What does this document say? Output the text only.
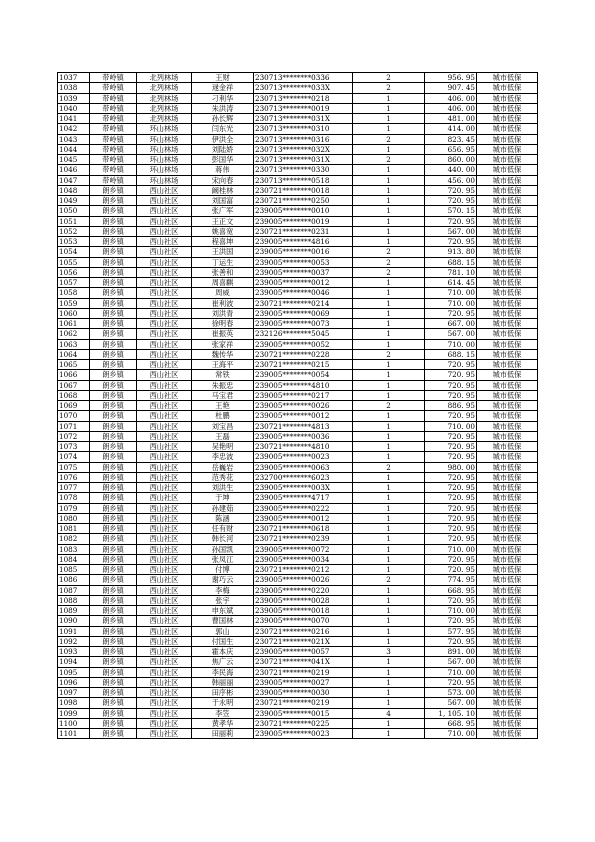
1037	带岭镇	北列林场	王财	230713********0336	2	956. 95	城市低保
1038	带岭镇	北列林场	逯金祥	230713********033X	2	907. 45	城市低保
1039	带岭镇	北列林场	刁利华	230713********0218	1	406. 00	城市低保
1040	带岭镇	北列林场	朱洪涛	230713********0019	1	406. 00	城市低保
1041	带岭镇	北列林场	孙长辉	230713********031X	1	481. 00	城市低保
1042	带岭镇	环山林场	闫东光	230713********0310	1	414. 00	城市低保
1043	带岭镇	环山林场	伊洪全	230713********0316	2	823. 45	城市低保
1044	带岭镇	环山林场	刘陆娇	230713********032X	1	656. 95	城市低保
1045	带岭镇	环山林场	彭国华	230713********031X	2	860. 00	城市低保
1046	带岭镇	环山林场	蒋伟	230713********0330	1	440. 00	城市低保
1047	带岭镇	环山林场	宋向春	230713********0518	1	456. 00	城市低保
1048	朗乡镇	西山社区	阚桂林	230721********0018	1	720. 95	城市低保
1049	朗乡镇	西山社区	刘国富	230721********0250	1	720. 95	城市低保
1050	朗乡镇	西山社区	张广军	239005********0010	1	570. 15	城市低保
1051	朗乡镇	西山社区	王正文	239005********0019	1	720. 95	城市低保
1052	朗乡镇	西山社区	姚喜宽	230721********0231	1	567. 00	城市低保
1053	朗乡镇	西山社区	程喜坤	239005********4816	1	720. 95	城市低保
1054	朗乡镇	西山社区	王洪国	239005********0016	2	913. 80	城市低保
1055	朗乡镇	西山社区	丁运生	239005********0053	2	688. 15	城市低保
1056	朗乡镇	西山社区	张善和	239005********0037	2	781. 10	城市低保
1057	朗乡镇	西山社区	周喜麒	239005********0012	1	614. 45	城市低保
1058	朗乡镇	西山社区	周威	239005********0046	1	710. 00	城市低保
1059	朗乡镇	西山社区	崔利波	230721********0214	1	710. 00	城市低保
1060	朗乡镇	西山社区	刘洪青	239005********0069	1	720. 95	城市低保
1061	朗乡镇	西山社区	徐明春	239005********0073	1	667. 00	城市低保
1062	朗乡镇	西山社区	崔振英	232126********5045	1	567. 00	城市低保
1063	朗乡镇	西山社区	张家祥	239005********0052	1	710. 00	城市低保
1064	朗乡镇	西山社区	魏传华	230721********0228	2	688. 15	城市低保
1065	朗乡镇	西山社区	王海平	230721********0215	1	720. 95	城市低保
1066	朗乡镇	西山社区	常铁	239005********0054	1	720. 95	城市低保
1067	朗乡镇	西山社区	朱振忠	239005********4810	1	720. 95	城市低保
1068	朗乡镇	西山社区	马宝君	239005********0217	1	720. 95	城市低保
1069	朗乡镇	西山社区	王艳	239005********0026	2	886. 95	城市低保
1070	朗乡镇	西山社区	杜鹏	239005********0012	1	720. 95	城市低保
1071	朗乡镇	西山社区	刘宝昌	230721********4813	1	710. 00	城市低保
1072	朗乡镇	西山社区	王磊	239005********0036	1	720. 95	城市低保
1073	朗乡镇	西山社区	吴艳明	230721********4810	1	720. 95	城市低保
1074	朗乡镇	西山社区	李忠波	239005********0023	1	720. 95	城市低保
1075	朗乡镇	西山社区	岳巍岩	239005********0063	2	980. 00	城市低保
1076	朗乡镇	西山社区	范秀花	232700********6023	1	720. 95	城市低保
1077	朗乡镇	西山社区	刘洪生	239005********003X	1	720. 95	城市低保
1078	朗乡镇	西山社区	于坤	239005********4717	1	720. 95	城市低保
1079	朗乡镇	西山社区	孙建茹	239005********0222	1	720. 95	城市低保
1080	朗乡镇	西山社区	陈涵	239005********0012	1	720. 95	城市低保
1081	朗乡镇	西山社区	任有财	230721********0618	1	720. 95	城市低保
1082	朗乡镇	西山社区	韩长河	230721********0239	1	720. 95	城市低保
1083	朗乡镇	西山社区	孙国凯	239005********0072	1	710. 00	城市低保
1084	朗乡镇	西山社区	张凤江	239005********0034	1	720. 95	城市低保
1085	朗乡镇	西山社区	付博	230721********0212	1	720. 95	城市低保
1086	朗乡镇	西山社区	谢巧云	239005********0026	2	774. 95	城市低保
1087	朗乡镇	西山社区	李梅	239005********0220	1	668. 95	城市低保
1088	朗乡镇	西山社区	张宇	239005********0028	1	720. 95	城市低保
1089	朗乡镇	西山社区	申东斌	239005********0018	1	710. 00	城市低保
1090	朗乡镇	西山社区	曹国林	239005********0070	1	720. 95	城市低保
1091	朗乡镇	西山社区	郭山	230721********0216	1	577. 95	城市低保
1092	朗乡镇	西山社区	付国生	230721********021X	1	720. 95	城市低保
1093	朗乡镇	西山社区	霍本庆	239005********0057	3	891. 00	城市低保
1094	朗乡镇	西山社区	焦广云	230721********041X	1	567. 00	城市低保
1095	朗乡镇	西山社区	李民海	230721********0219	1	710. 00	城市低保
1096	朗乡镇	西山社区	韩丽丽	239005********0027	1	720. 95	城市低保
1097	朗乡镇	西山社区	田序彬	239005********0030	1	573. 00	城市低保
1098	朗乡镇	西山社区	于永明	230721********0219	1	567. 00	城市低保
1099	朗乡镇	西山社区	李笠	239005********0015	4	1, 105. 10	城市低保
1100	朗乡镇	西山社区	黄孝华	230721********0225	1	668. 95	城市低保
1101	朗乡镇	西山社区	田丽莉	239005********0023	1	710. 00	城市低保
